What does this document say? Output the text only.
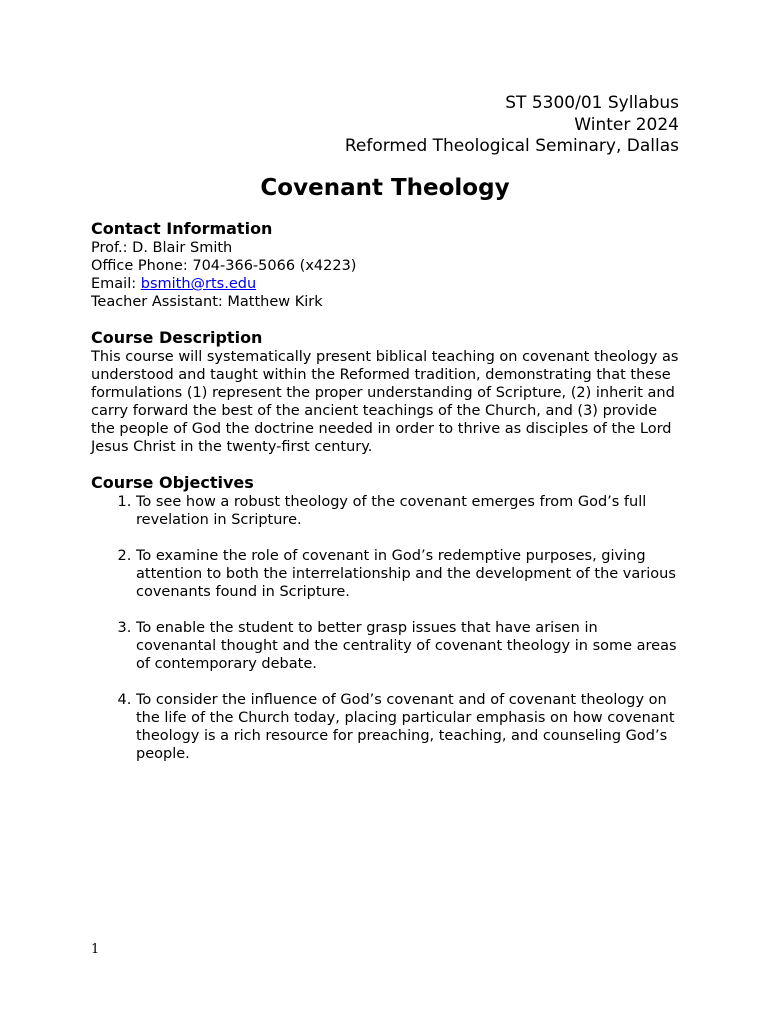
ST 5300/01 Syllabus
Winter 2024
Reformed Theological Seminary, Dallas
Covenant Theology
Contact Information
Prof.: D. Blair Smith
Office Phone: 704-366-5066 (x4223)
Email: bsmith@rts.edu
Teacher Assistant: Matthew Kirk
Course Description

This course will systematically present biblical teaching on covenant theology as understood and taught within the Reformed tradition, demonstrating that these formulations (1) represent the proper understanding of Scripture, (2) inherit and carry forward the best of the ancient teachings of the Church, and (3) provide the people of God the doctrine needed in order to thrive as disciples of the Lord Jesus Christ in the twenty-first century.

Course Objectives
1. To see how a robust theology of the covenant emerges from God’s full revelation in Scripture.
2. To examine the role of covenant in God’s redemptive purposes, giving attention to both the interrelationship and the development of the various covenants found in Scripture.
3. To enable the student to better grasp issues that have arisen in covenantal thought and the centrality of covenant theology in some areas of contemporary debate.
4. To consider the influence of God’s covenant and of covenant theology on the life of the Church today, placing particular emphasis on how covenant theology is a rich resource for preaching, teaching, and counseling God’s people.
1
